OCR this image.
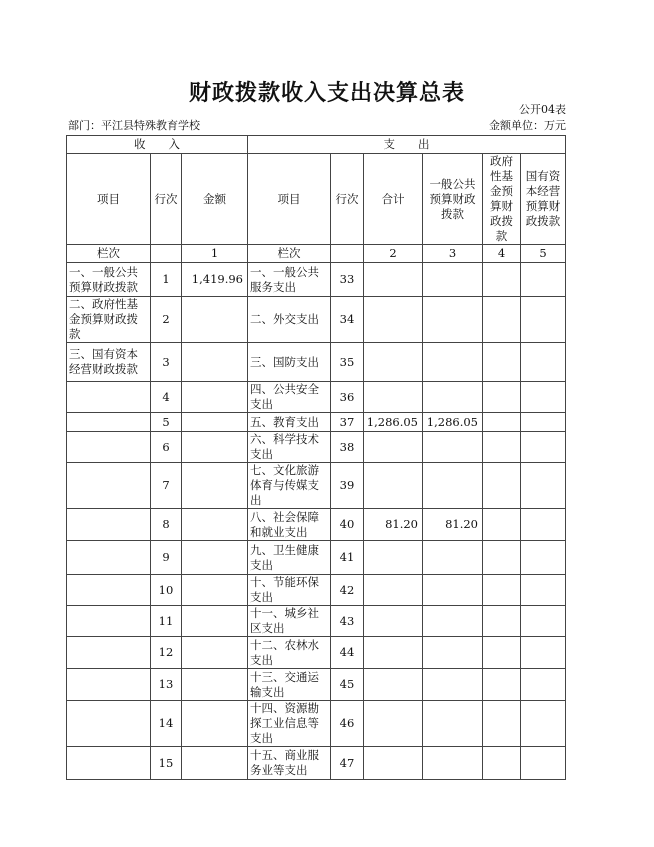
财政拨款收入支出决算总表
公开04表
部门：平江县特殊教育学校	金额单位：万元
收　　入			支　　出					
项目	行次	金额	项目	行次	合计	一般公共预算财政拨款	政府性基金预算财政拨款	国有资本经营预算财政拨款
栏次		1	栏次		2	3	4	5
一、一般公共预算财政拨款	1	1,419.96	一、一般公共服务支出	33				
二、政府性基金预算财政拨款	2		二、外交支出	34				
三、国有资本经营财政拨款	3		三、国防支出	35				
	4		四、公共安全支出	36				
	5		五、教育支出	37	1,286.05	1,286.05		
	6		六、科学技术支出	38				
	7		七、文化旅游体育与传媒支出	39				
	8		八、社会保障和就业支出	40	81.20	81.20		
	9		九、卫生健康支出	41				
	10		十、节能环保支出	42				
	11		十一、城乡社区支出	43				
	12		十二、农林水支出	44				
	13		十三、交通运输支出	45				
	14		十四、资源勘探工业信息等支出	46				
	15		十五、商业服务业等支出	47				
